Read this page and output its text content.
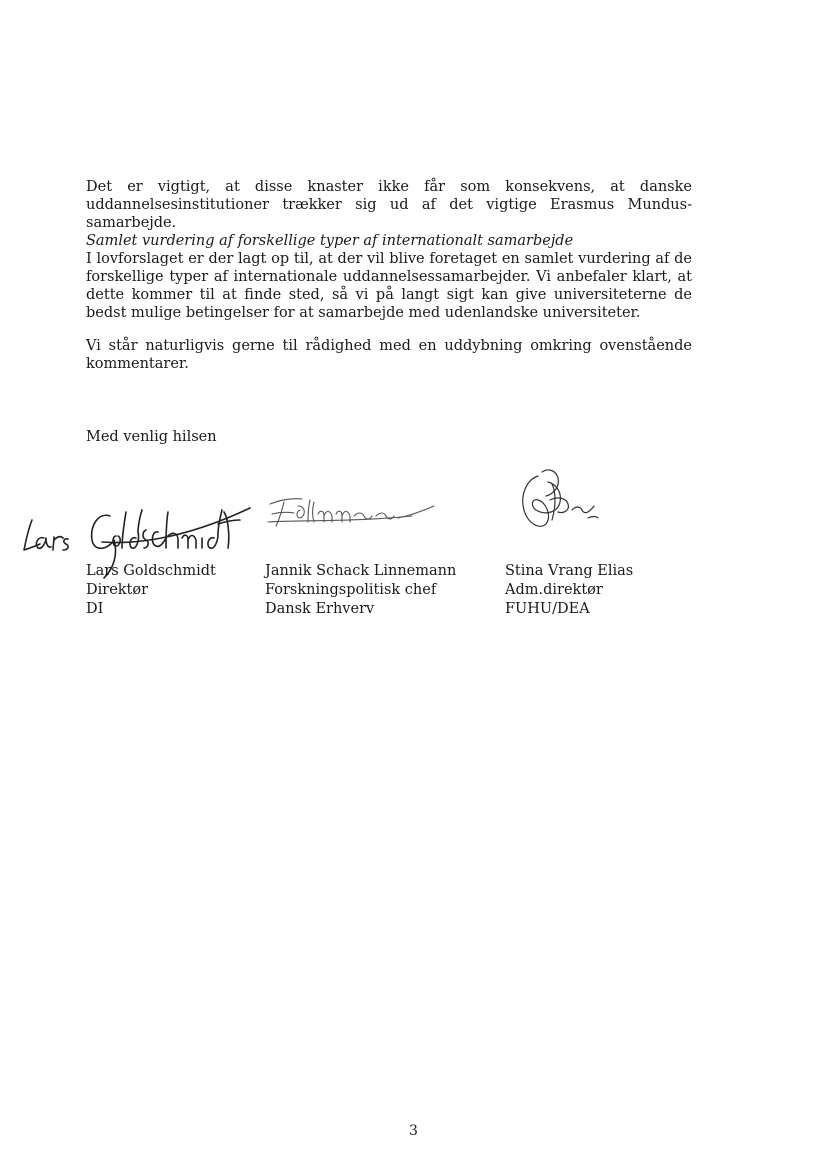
Det er vigtigt, at disse knaster ikke får som konsekvens, at danske uddannelsesinstitutioner trækker sig ud af det vigtige Erasmus Mundus-samarbejde.

Samlet vurdering af forskellige typer af internationalt samarbejde
I lovforslaget er der lagt op til, at der vil blive foretaget en samlet vurdering af de forskellige typer af internationale uddannelsessamarbejder. Vi anbefaler klart, at dette kommer til at finde sted, så vi på langt sigt kan give universiteterne de bedst mulige betingelser for at samarbejde med udenlandske universiteter.

Vi står naturligvis gerne til rådighed med en uddybning omkring ovenstående kommentarer.

Med venlig hilsen

Lars Goldschmidt
Direktør
DI
Jannik Schack Linnemann
Forskningspolitisk chef
Dansk Erhverv
Stina Vrang Elias
Adm.direktør
FUHU/DEA
3
